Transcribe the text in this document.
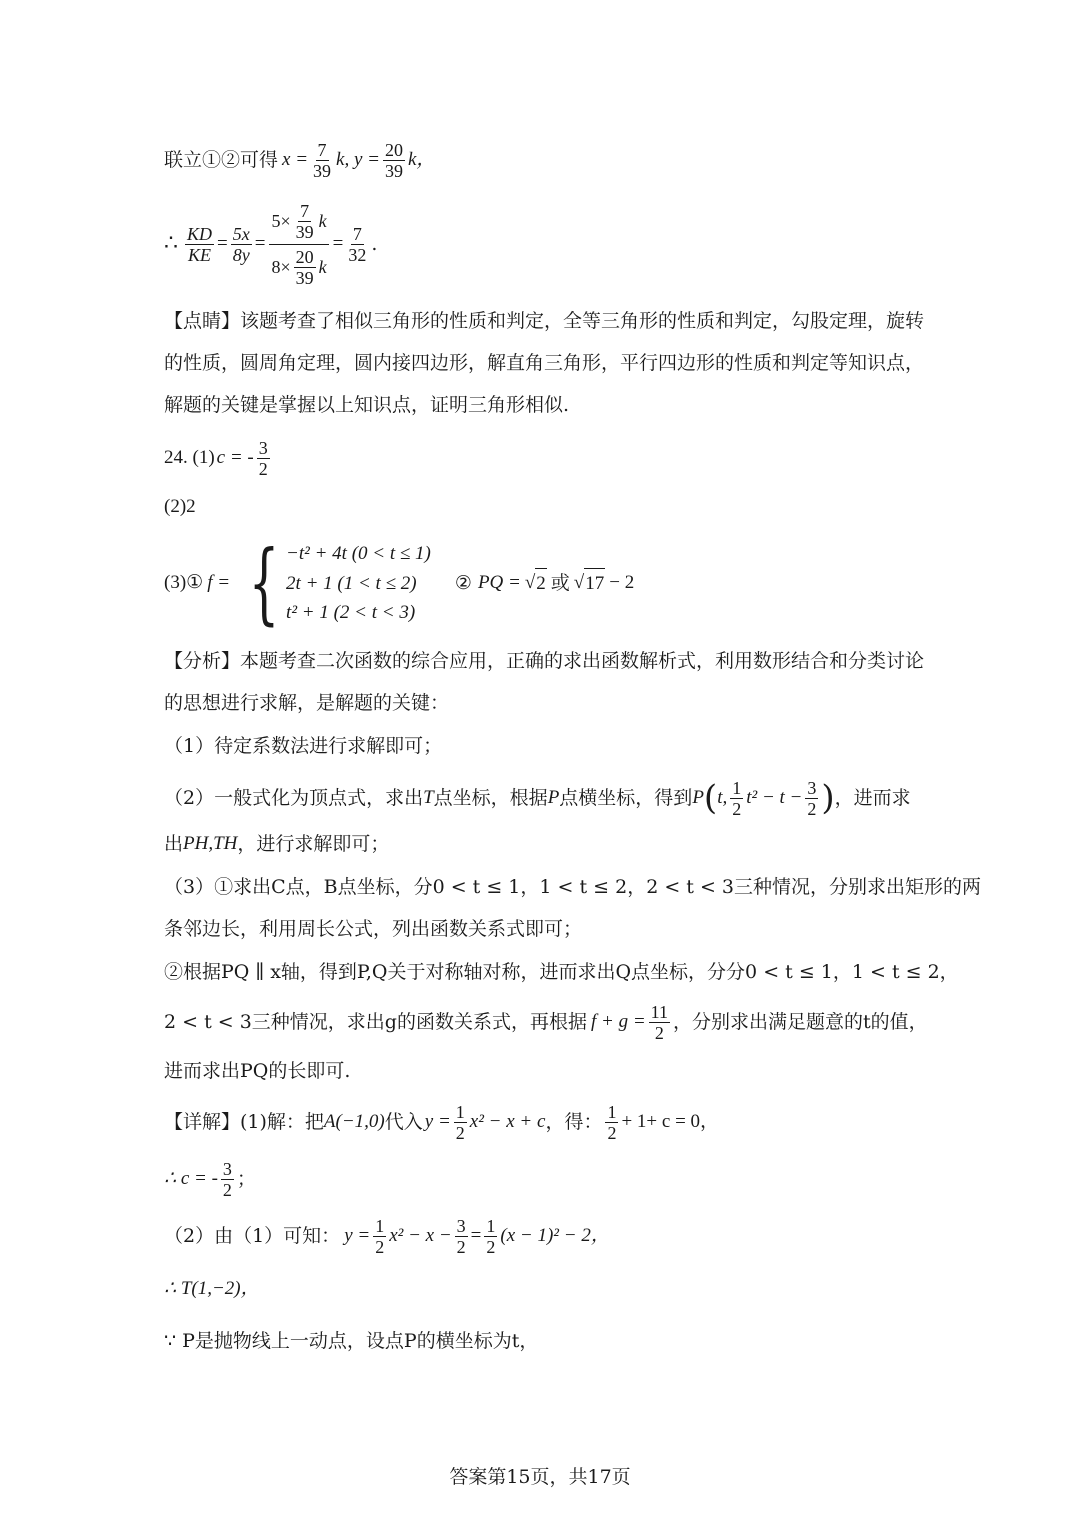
联立①②可得 $x = \frac{7}{39} k$, $y = \frac{20}{39}$ k，
∴ $\frac{KD}{KE} = \frac{5x}{8y} = \frac{5\times \frac{7}{39} k}{8\times \frac{20}{39} k} = \frac{7}{32}$ .
【点睛】该题考查了相似三角形的性质和判定，全等三角形的性质和判定，勾股定理，旋转
的性质，圆周角定理，圆内接四边形，解直角三角形，平行四边形的性质和判定等知识点，
解题的关键是掌握以上知识点，证明三角形相似.
24. (1) c = - $\frac{3}{2}$
(2)2
(3)① f = { −t² + 4t (0 < t ≤ 1)
2t + 1 (1 < t ≤ 2)
t² + 1 (2 < t < 3)
② PQ = √ 2 或 √ 17 − 2
【分析】本题考查二次函数的综合应用，正确的求出函数解析式，利用数形结合和分类讨论
的思想进行求解，是解题的关键：
（1）待定系数法进行求解即可；
（2）一般式化为顶点式，求出 T 点坐标，根据 P 点横坐标，得到 P ( t, $\frac{1}{2} t^2 - t - \frac{3}{2}$ ) ，进而求
出 PH,TH ，进行求解即可；
（3）①求出C点，B点坐标，分0 < t ≤ 1，1 < t ≤ 2，2 < t < 3三种情况，分别求出矩形的两
条邻边长，利用周长公式，列出函数关系式即可；
②根据PQ ∥ x轴，得到P,Q关于对称轴对称，进而求出Q点坐标，分分0 < t ≤ 1，1 < t ≤ 2，
2 < t < 3三种情况，求出g的函数关系式，再根据 $f + g = \frac{11}{2}$ ，分别求出满足题意的t的值，
进而求出PQ的长即可.
【详解】(1)解：把 A(−1,0) 代入 $y = \frac{1}{2} x^2 - x + c$ ，得： $\frac{1}{2} + 1+ c = 0$，
∴ c = - $\frac{3}{2}$ ；
（2）由（1）可知： $y = \frac{1}{2} x^2 - x - \frac{3}{2} = \frac{1}{2} (x - 1)^2 - 2$，
∴ T(1,−2)，
∵ P是抛物线上一动点，设点P的横坐标为t，
答案第15页，共17页
